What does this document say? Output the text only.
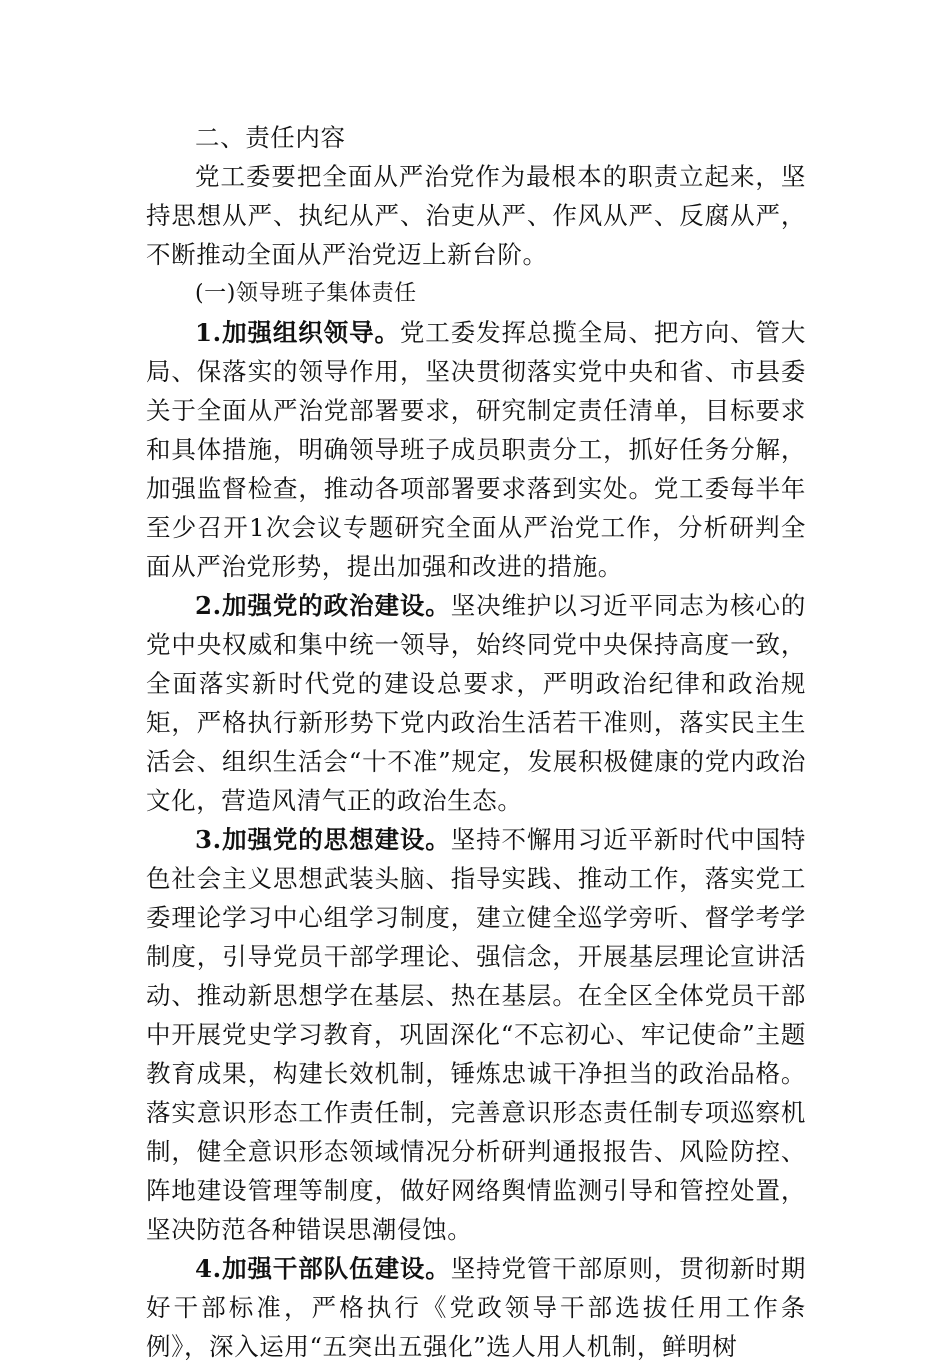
二、责任内容

党工委要把全面从严治党作为最根本的职责立起来，坚持思想从严、执纪从严、治吏从严、作风从严、反腐从严，不断推动全面从严治党迈上新台阶。

(一)领导班子集体责任

1.加强组织领导。党工委发挥总揽全局、把方向、管大局、保落实的领导作用，坚决贯彻落实党中央和省、市县委关于全面从严治党部署要求，研究制定责任清单，目标要求和具体措施，明确领导班子成员职责分工，抓好任务分解，加强监督检查，推动各项部署要求落到实处。党工委每半年至少召开1次会议专题研究全面从严治党工作，分析研判全面从严治党形势，提出加强和改进的措施。

2.加强党的政治建设。坚决维护以习近平同志为核心的党中央权威和集中统一领导，始终同党中央保持高度一致，全面落实新时代党的建设总要求，严明政治纪律和政治规矩，严格执行新形势下党内政治生活若干准则，落实民主生活会、组织生活会“十不准”规定，发展积极健康的党内政治文化，营造风清气正的政治生态。

3.加强党的思想建设。坚持不懈用习近平新时代中国特色社会主义思想武装头脑、指导实践、推动工作，落实党工委理论学习中心组学习制度，建立健全巡学旁听、督学考学制度，引导党员干部学理论、强信念，开展基层理论宣讲活动、推动新思想学在基层、热在基层。在全区全体党员干部中开展党史学习教育，巩固深化“不忘初心、牢记使命”主题教育成果，构建长效机制，锤炼忠诚干净担当的政治品格。落实意识形态工作责任制，完善意识形态责任制专项巡察机制，健全意识形态领域情况分析研判通报报告、风险防控、阵地建设管理等制度，做好网络舆情监测引导和管控处置，坚决防范各种错误思潮侵蚀。

4.加强干部队伍建设。坚持党管干部原则，贯彻新时期好干部标准，严格执行《党政领导干部选拔任用工作条例》，深入运用“五突出五强化”选人用人机制，鲜明树
